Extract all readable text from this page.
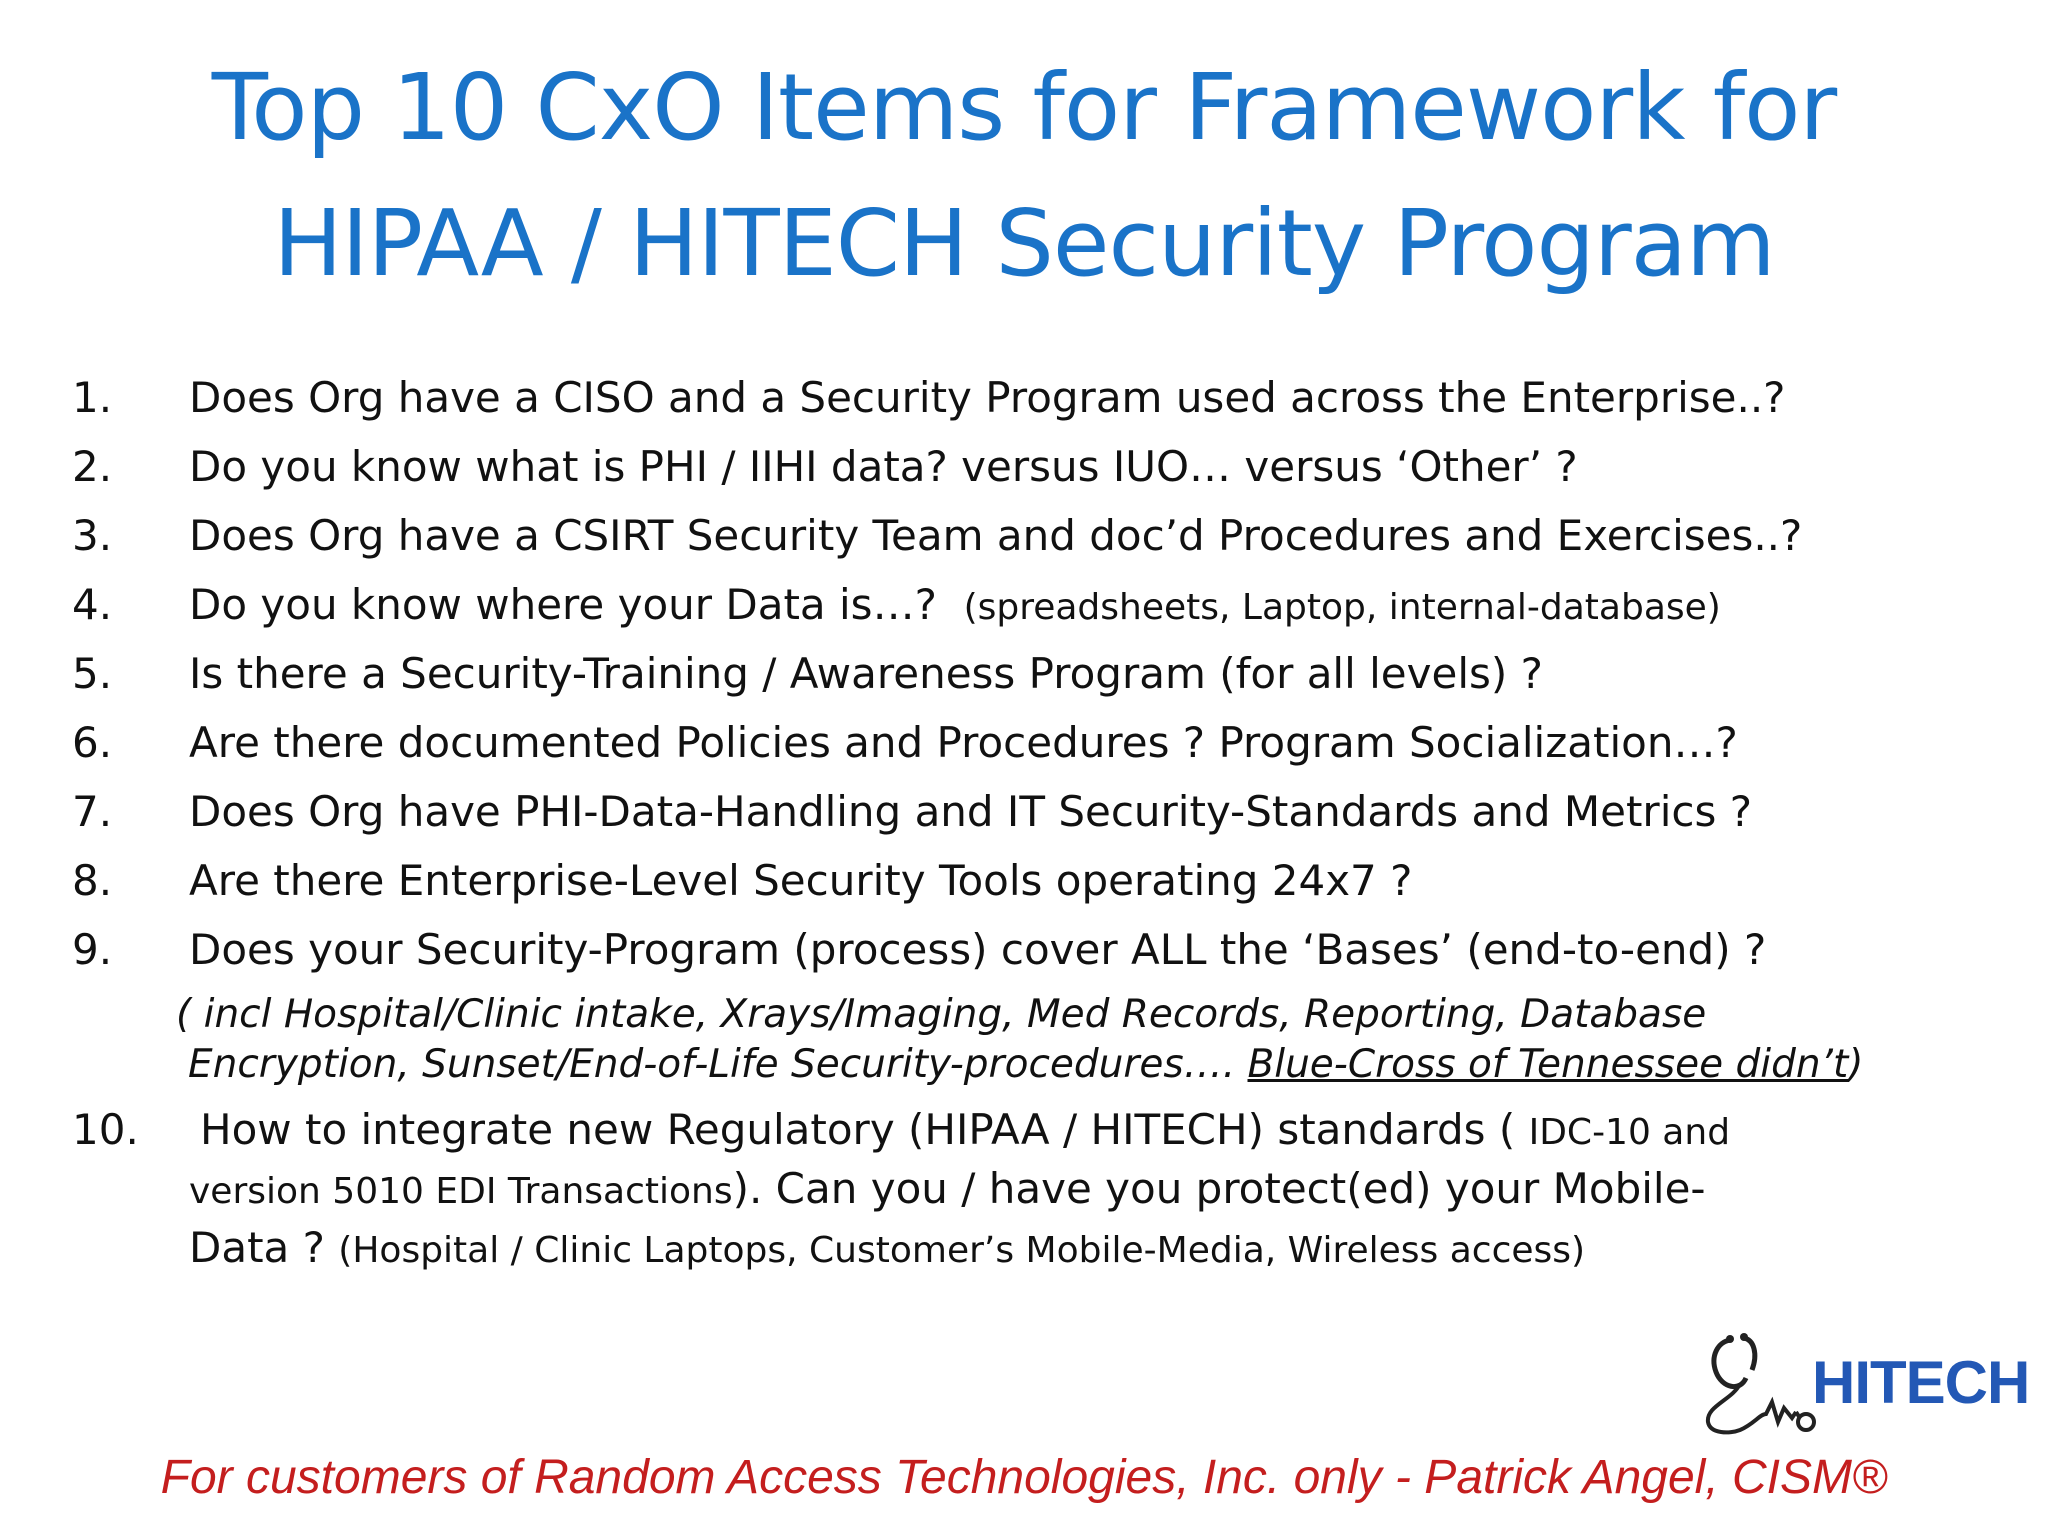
Top 10 CxO Items for Framework for
HIPAA / HITECH Security Program
1. Does Org have a CISO and a Security Program used across the Enterprise..?
2. Do you know what is PHI / IIHI data? versus IUO… versus ‘Other’ ?
3. Does Org have a CSIRT Security Team and doc’d Procedures and Exercises..?
4. Do you know where your Data is…? (spreadsheets, Laptop, internal-database)
5. Is there a Security-Training / Awareness Program (for all levels) ?
6. Are there documented Policies and Procedures ? Program Socialization…?
7. Does Org have PHI-Data-Handling and IT Security-Standards and Metrics ?
8. Are there Enterprise-Level Security Tools operating 24x7 ?
9. Does your Security-Program (process) cover ALL the ‘Bases’ (end-to-end) ?
( incl Hospital/Clinic intake, Xrays/Imaging, Med Records, Reporting, Database
Encryption, Sunset/End-of-Life Security-procedures…. Blue-Cross of Tennessee didn’t)
10. How to integrate new Regulatory (HIPAA / HITECH) standards ( IDC-10 and
version 5010 EDI Transactions). Can you / have you protect(ed) your Mobile-
Data ? (Hospital / Clinic Laptops, Customer’s Mobile-Media, Wireless access)
HITECH
For customers of Random Access Technologies, Inc. only - Patrick Angel, CISM®
